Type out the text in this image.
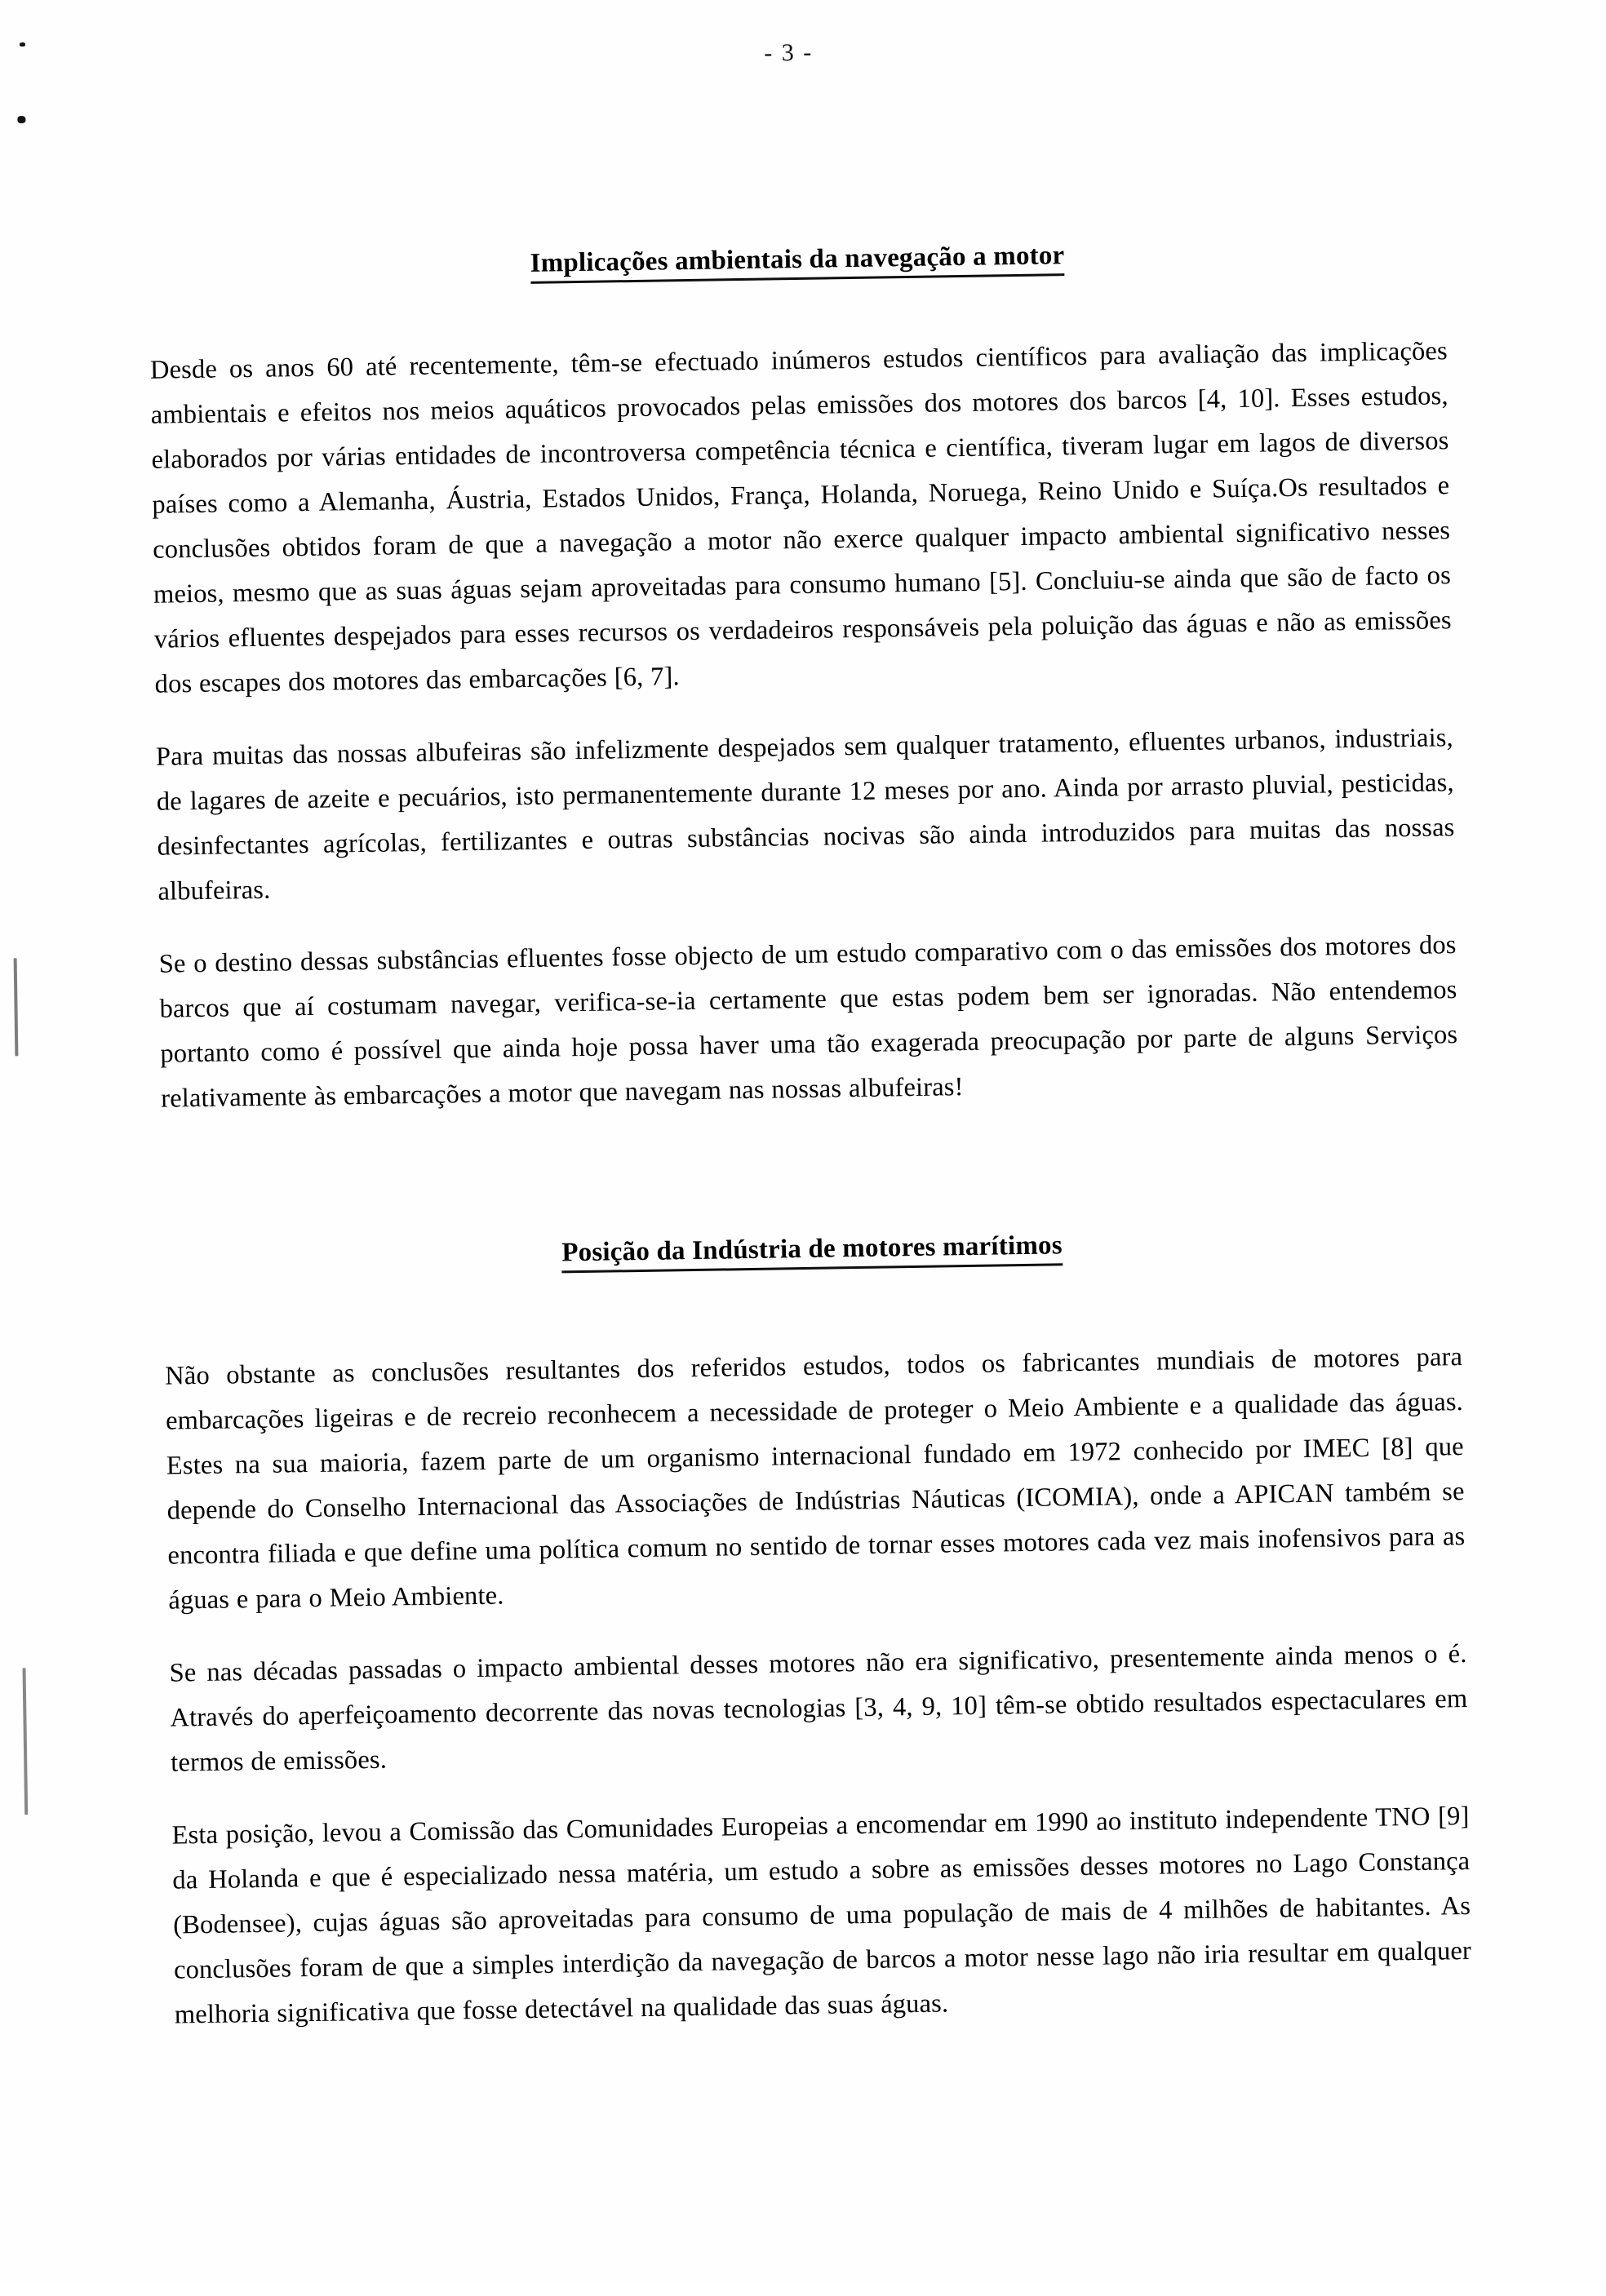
- 3 -
Implicações ambientais da navegação a motor

Desde os anos 60 até recentemente, têm-se efectuado inúmeros estudos científicos para avaliação das implicações ambientais e efeitos nos meios aquáticos provocados pelas emissões dos motores dos barcos [4, 10]. Esses estudos, elaborados por várias entidades de incontroversa competência técnica e científica, tiveram lugar em lagos de diversos países como a Alemanha, Áustria, Estados Unidos, França, Holanda, Noruega, Reino Unido e Suíça.Os resultados e conclusões obtidos foram de que a navegação a motor não exerce qualquer impacto ambiental significativo nesses meios, mesmo que as suas águas sejam aproveitadas para consumo humano [5]. Concluiu-se ainda que são de facto os vários efluentes despejados para esses recursos os verdadeiros responsáveis pela poluição das águas e não as emissões dos escapes dos motores das embarcações [6, 7].

Para muitas das nossas albufeiras são infelizmente despejados sem qualquer tratamento, efluentes urbanos, industriais, de lagares de azeite e pecuários, isto permanentemente durante 12 meses por ano. Ainda por arrasto pluvial, pesticidas, desinfectantes agrícolas, fertilizantes e outras substâncias nocivas são ainda introduzidos para muitas das nossas albufeiras.

Se o destino dessas substâncias efluentes fosse objecto de um estudo comparativo com o das emissões dos motores dos barcos que aí costumam navegar, verifica-se-ia certamente que estas podem bem ser ignoradas. Não entendemos portanto como é possível que ainda hoje possa haver uma tão exagerada preocupação por parte de alguns Serviços relativamente às embarcações a motor que navegam nas nossas albufeiras!

Posição da Indústria de motores marítimos

Não obstante as conclusões resultantes dos referidos estudos, todos os fabricantes mundiais de motores para embarcações ligeiras e de recreio reconhecem a necessidade de proteger o Meio Ambiente e a qualidade das águas. Estes na sua maioria, fazem parte de um organismo internacional fundado em 1972 conhecido por IMEC [8] que depende do Conselho Internacional das Associações de Indústrias Náuticas (ICOMIA), onde a APICAN também se encontra filiada e que define uma política comum no sentido de tornar esses motores cada vez mais inofensivos para as águas e para o Meio Ambiente.

Se nas décadas passadas o impacto ambiental desses motores não era significativo, presentemente ainda menos o é. Através do aperfeiçoamento decorrente das novas tecnologias [3, 4, 9, 10] têm-se obtido resultados espectaculares em termos de emissões.

Esta posição, levou a Comissão das Comunidades Europeias a encomendar em 1990 ao instituto independente TNO [9] da Holanda e que é especializado nessa matéria, um estudo a sobre as emissões desses motores no Lago Constança (Bodensee), cujas águas são aproveitadas para consumo de uma população de mais de 4 milhões de habitantes. As conclusões foram de que a simples interdição da navegação de barcos a motor nesse lago não iria resultar em qualquer melhoria significativa que fosse detectável na qualidade das suas águas.
